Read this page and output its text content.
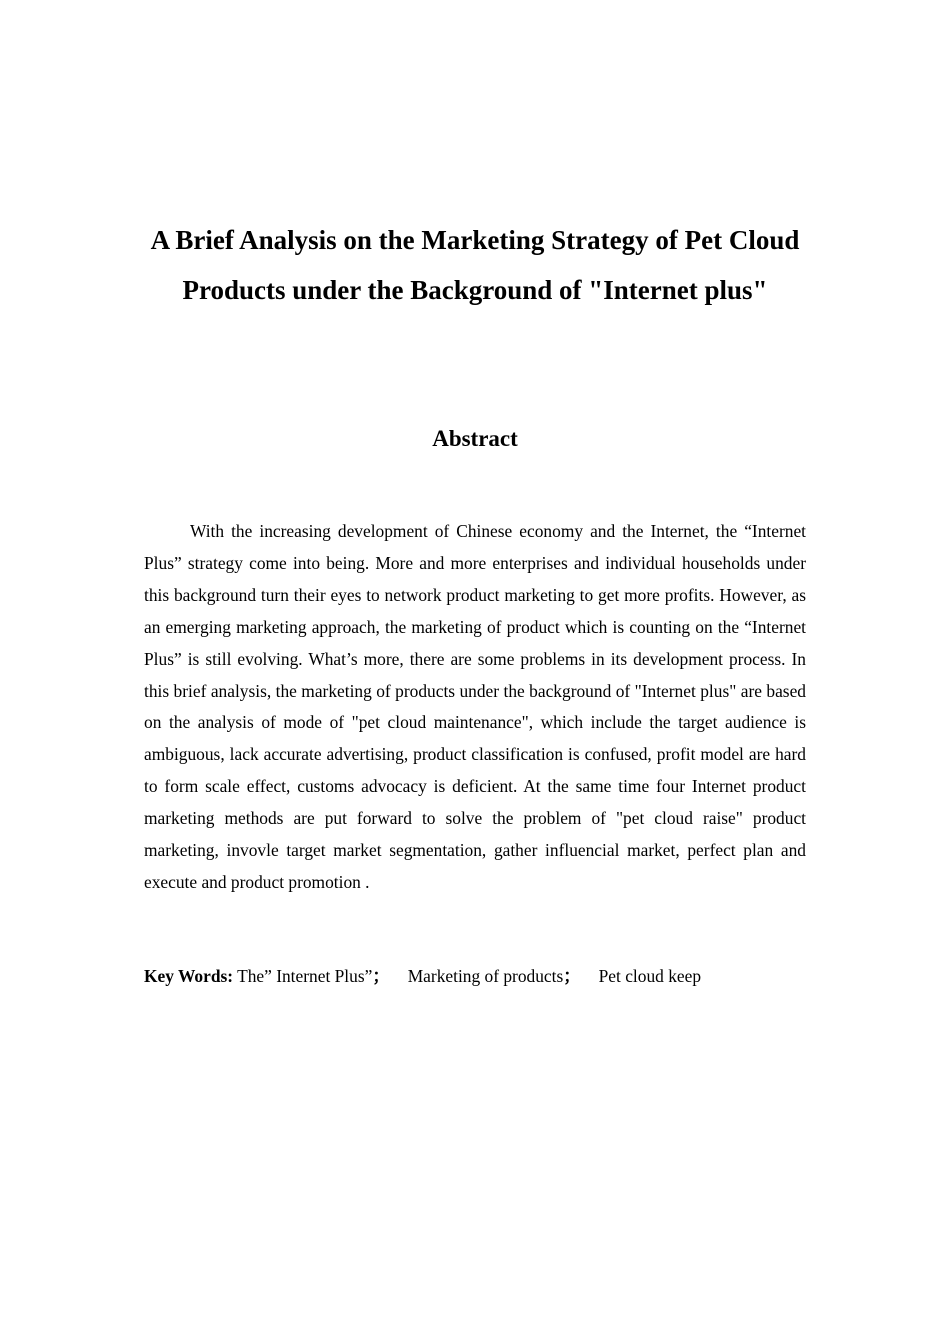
A Brief Analysis on the Marketing Strategy of Pet Cloud Products under the Background of "Internet plus"
Abstract

With the increasing development of Chinese economy and the Internet, the “Internet Plus” strategy come into being. More and more enterprises and individual households under this background turn their eyes to network product marketing to get more profits. However, as an emerging marketing approach, the marketing of product which is counting on the “Internet Plus” is still evolving. What’s more, there are some problems in its development process. In this brief analysis, the marketing of products under the background of "Internet plus" are based on the analysis of mode of "pet cloud maintenance", which include the target audience is ambiguous, lack accurate advertising, product classification is confused, profit model are hard to form scale effect, customs advocacy is deficient. At the same time four Internet product marketing methods are put forward to solve the problem of "pet cloud raise" product marketing, invovle target market segmentation, gather influencial market, perfect plan and execute and product promotion .

Key Words: The” Internet Plus”； Marketing of products； Pet cloud keep
